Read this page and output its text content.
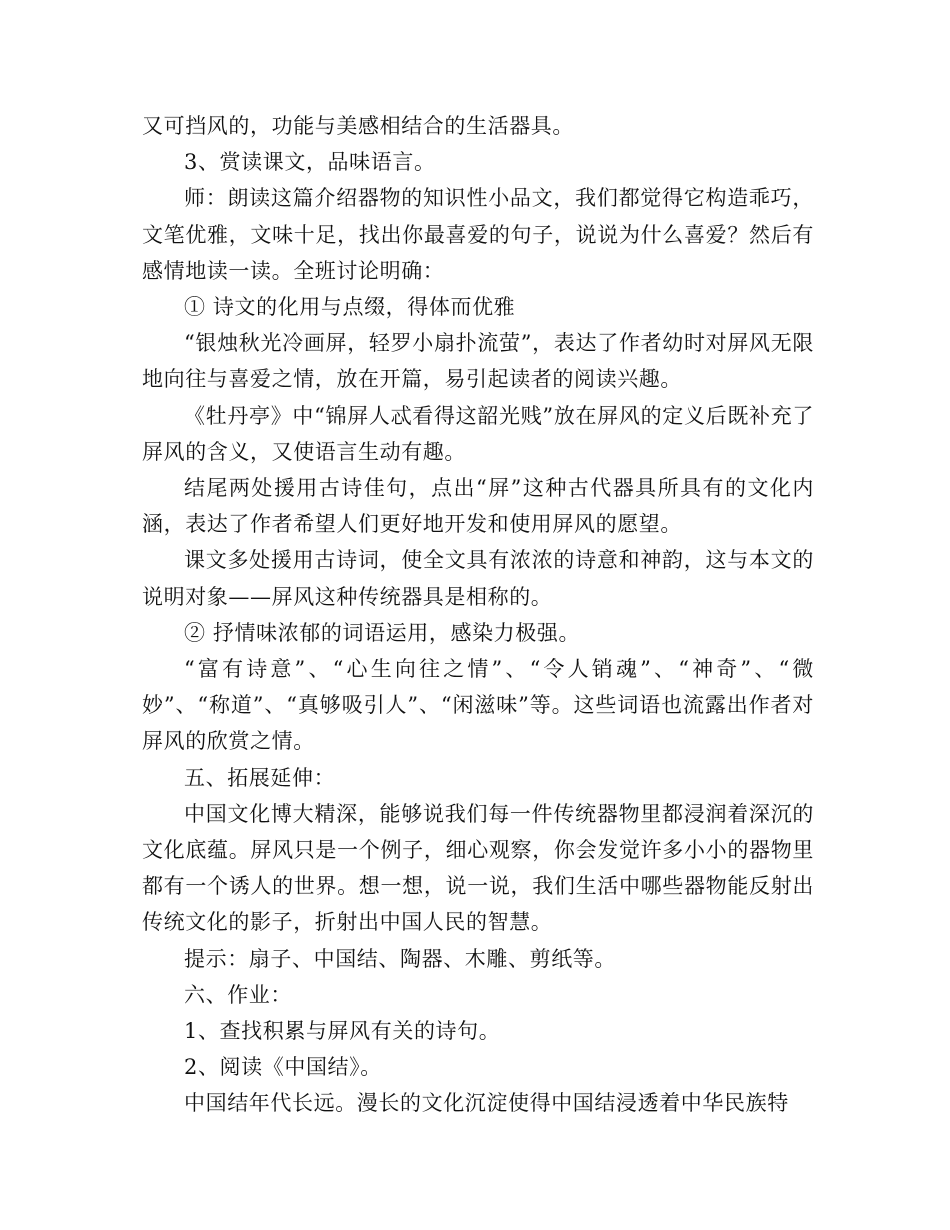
又可挡风的，功能与美感相结合的生活器具。

3、赏读课文，品味语言。

师：朗读这篇介绍器物的知识性小品文，我们都觉得它构造乖巧，文笔优雅，文味十足，找出你最喜爱的句子，说说为什么喜爱？然后有感情地读一读。全班讨论明确：

① 诗文的化用与点缀，得体而优雅

“银烛秋光冷画屏，轻罗小扇扑流萤”，表达了作者幼时对屏风无限地向往与喜爱之情，放在开篇，易引起读者的阅读兴趣。

《牡丹亭》中“锦屏人忒看得这韶光贱”放在屏风的定义后既补充了屏风的含义，又使语言生动有趣。

结尾两处援用古诗佳句，点出“屏”这种古代器具所具有的文化内涵，表达了作者希望人们更好地开发和使用屏风的愿望。

课文多处援用古诗词，使全文具有浓浓的诗意和神韵，这与本文的说明对象——屏风这种传统器具是相称的。

② 抒情味浓郁的词语运用，感染力极强。

“富有诗意”、“心生向往之情”、“令人销魂”、“神奇”、“微妙”、“称道”、“真够吸引人”、“闲滋味”等。这些词语也流露出作者对屏风的欣赏之情。

五、拓展延伸：

中国文化博大精深，能够说我们每一件传统器物里都浸润着深沉的文化底蕴。屏风只是一个例子，细心观察，你会发觉许多小小的器物里都有一个诱人的世界。想一想，说一说，我们生活中哪些器物能反射出传统文化的影子，折射出中国人民的智慧。

提示：扇子、中国结、陶器、木雕、剪纸等。

六、作业：

1、查找积累与屏风有关的诗句。

2、阅读《中国结》。

中国结年代长远。漫长的文化沉淀使得中国结浸透着中华民族特
